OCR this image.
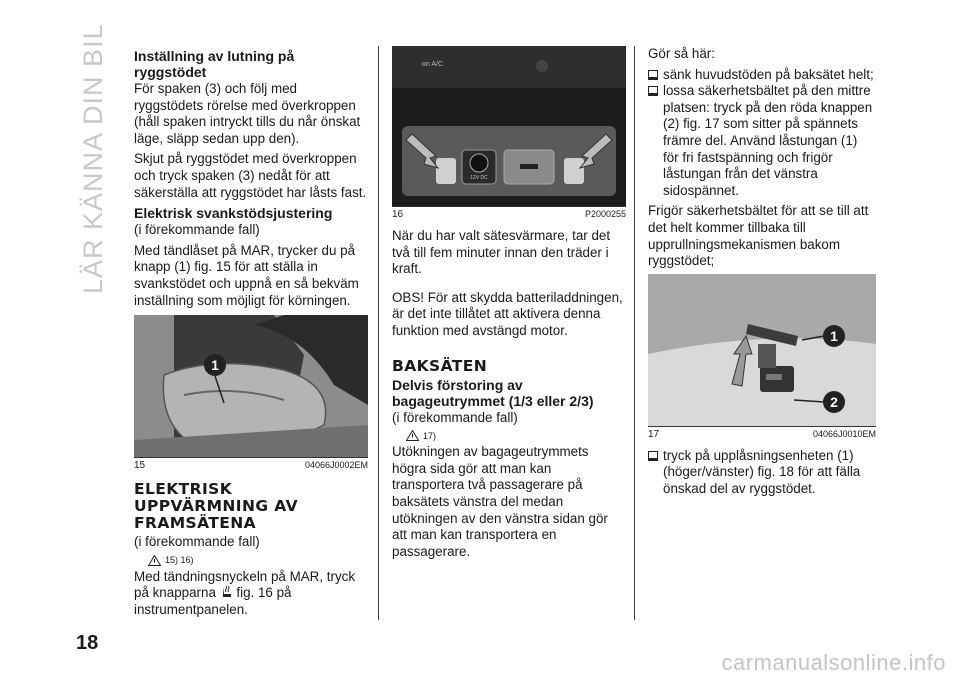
LÄR KÄNNA DIN BIL Inställning av lutning på ryggstödet

För spaken (3) och följ med ryggstödets rörelse med överkroppen (håll spaken intryckt tills du når önskat läge, släpp sedan upp den).

Skjut på ryggstödet med överkroppen och tryck spaken (3) nedåt för att säkerställa att ryggstödet har låsts fast.

Elektrisk svankstödsjustering

(i förekommande fall)

Med tändlåset på MAR, trycker du på knapp (1) fig. 15 för att ställa in svankstödet och uppnå en så bekväm inställning som möjligt för körningen.

1
15	04066J0002EM
ELEKTRISK UPPVÄRMNING AV FRAMSÄTENA

(i förekommande fall)

15) 16)

Med tändningsnyckeln på MAR, tryck på knapparna fig. 16 på instrumentpanelen.

on A/C
12V DC
16	P2000255

När du har valt sätesvärmare, tar det två till fem minuter innan den träder i kraft.

OBS! För att skydda batteriladdningen, är det inte tillåtet att aktivera denna funktion med avstängd motor.

BAKSÄTEN
Delvis förstoring av bagageutrymmet (1/3 eller 2/3)

(i förekommande fall)

17)

Utökningen av bagageutrymmets högra sida gör att man kan transportera två passagerare på baksätets vänstra del medan utökningen av den vänstra sidan gör att man kan transportera en passagerare.

Gör så här:

sänk huvudstöden på baksätet helt;
lossa säkerhetsbältet på den mittre platsen: tryck på den röda knappen (2) fig. 17 som sitter på spännets främre del. Använd låstungan (1) för fri fastspänning och frigör låstungan från det vänstra sidospännet.

Frigör säkerhetsbältet för att se till att det helt kommer tillbaka till upprullningsmekanismen bakom ryggstödet;

1
2
17	04066J0010EM
tryck på upplåsningsenheten (1) (höger/vänster) fig. 18 för att fälla önskad del av ryggstödet.
18
carmanualsonline.info
